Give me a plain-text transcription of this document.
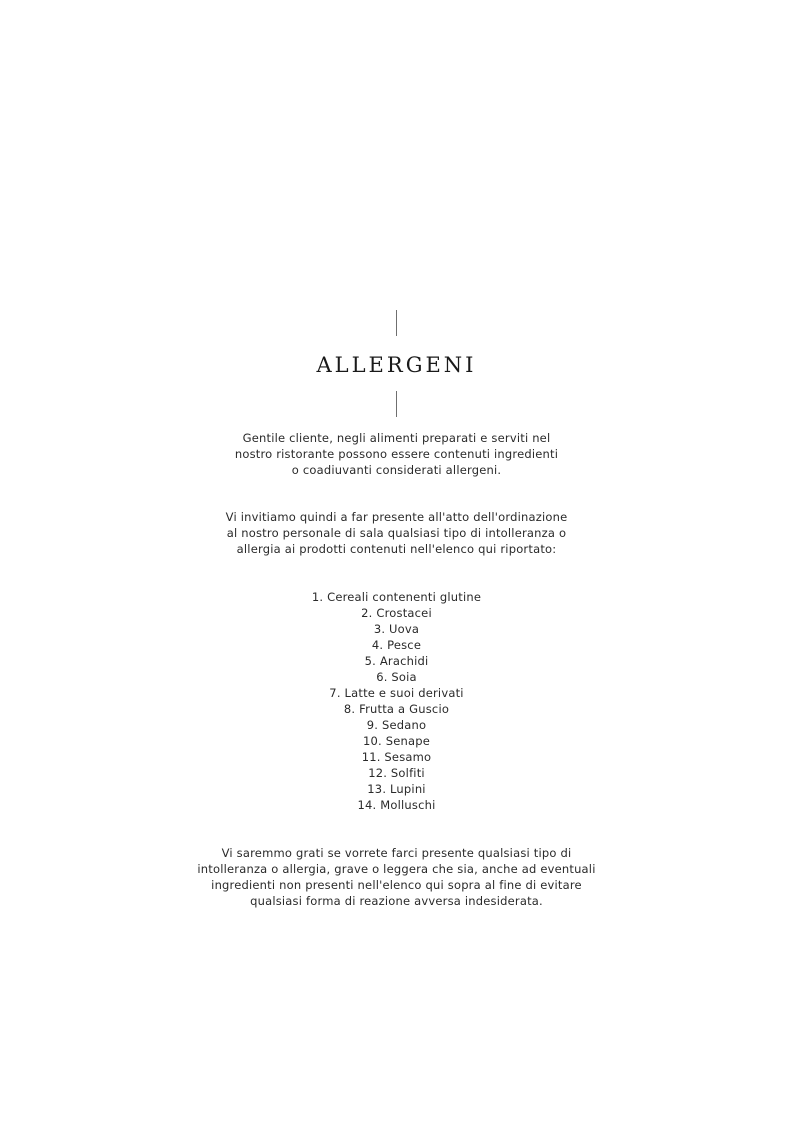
ALLERGENI
Gentile cliente, negli alimenti preparati e serviti nel
nostro ristorante possono essere contenuti ingredienti
o coadiuvanti considerati allergeni.
Vi invitiamo quindi a far presente all'atto dell'ordinazione
al nostro personale di sala qualsiasi tipo di intolleranza o
allergia ai prodotti contenuti nell'elenco qui riportato:
1. Cereali contenenti glutine
2. Crostacei
3. Uova
4. Pesce
5. Arachidi
6. Soia
7. Latte e suoi derivati
8. Frutta a Guscio
9. Sedano
10. Senape
11. Sesamo
12. Solfiti
13. Lupini
14. Molluschi
Vi saremmo grati se vorrete farci presente qualsiasi tipo di
intolleranza o allergia, grave o leggera che sia, anche ad eventuali
ingredienti non presenti nell'elenco qui sopra al fine di evitare
qualsiasi forma di reazione avversa indesiderata.
